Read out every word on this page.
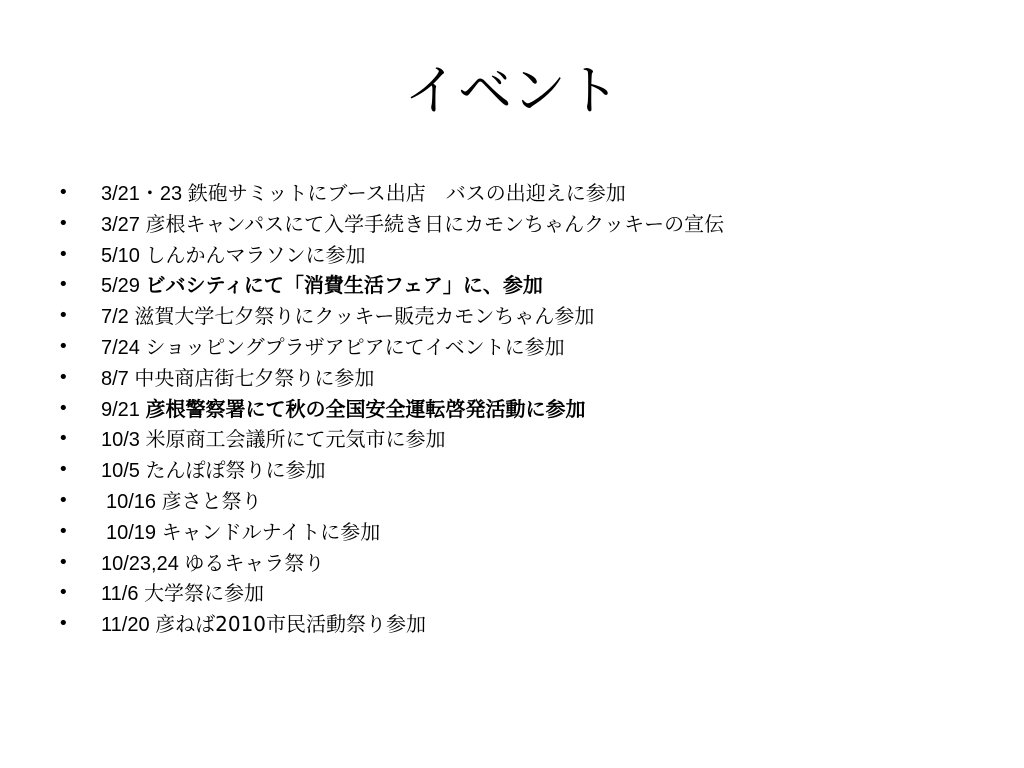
イベント
• 3/21・23 鉄砲サミットにブース出店　バスの出迎えに参加
• 3/27 彦根キャンパスにて入学手続き日にカモンちゃんクッキーの宣伝
• 5/10 しんかんマラソンに参加
• 5/29 ビバシティにて「消費生活フェア」に、参加
• 7/2 滋賀大学七夕祭りにクッキー販売カモンちゃん参加
• 7/24 ショッピングプラザアピアにてイベントに参加
• 8/7 中央商店街七夕祭りに参加
• 9/21 彦根警察署にて秋の全国安全運転啓発活動に参加
• 10/3 米原商工会議所にて元気市に参加
• 10/5 たんぽぽ祭りに参加
• 10/16 彦さと祭り
• 10/19 キャンドルナイトに参加
• 10/23,24 ゆるキャラ祭り
• 11/6 大学祭に参加
• 11/20 彦ねば2010市民活動祭り参加
